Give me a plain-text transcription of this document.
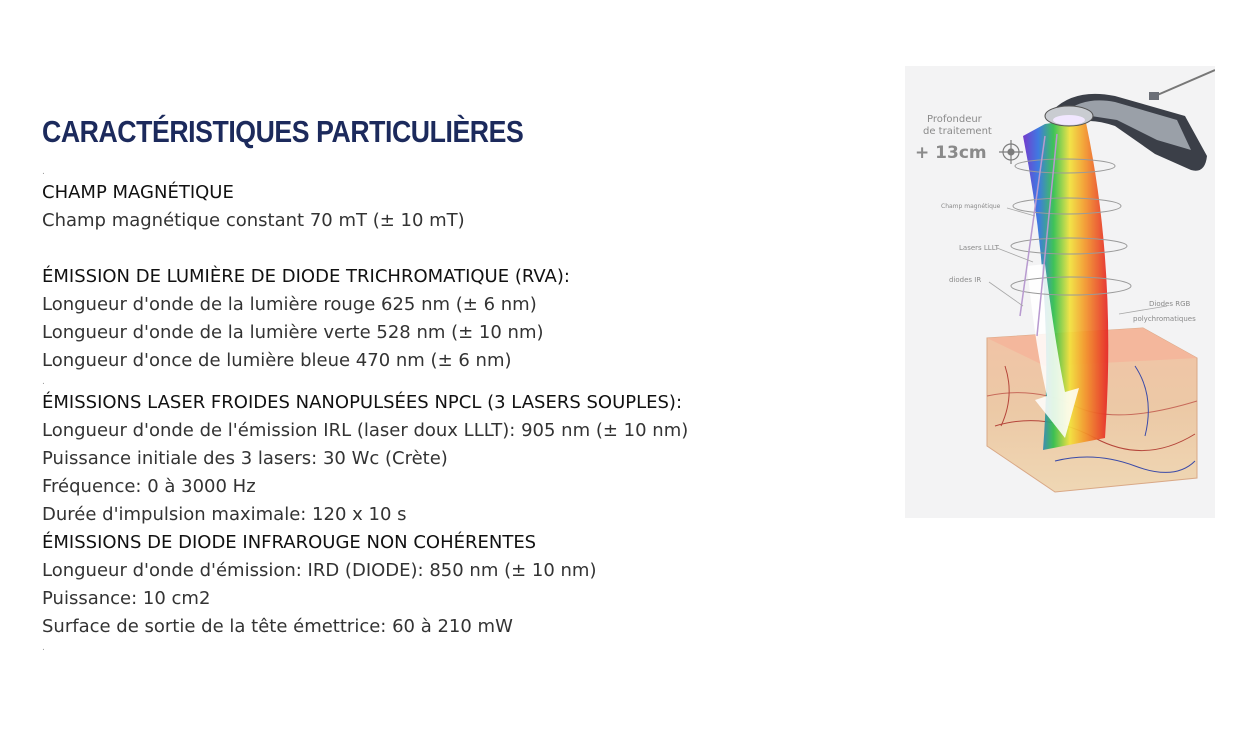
CARACTÉRISTIQUES PARTICULIÈRES
.
CHAMP MAGNÉTIQUE
Champ magnétique constant 70 mT (± 10 mT)
ÉMISSION DE LUMIÈRE DE DIODE TRICHROMATIQUE (RVA):
Longueur d'onde de la lumière rouge 625 nm (± 6 nm)
Longueur d'onde de la lumière verte 528 nm (± 10 nm)
Longueur d'once de lumière bleue 470 nm (± 6 nm)
.
ÉMISSIONS LASER FROIDES NANOPULSÉES NPCL (3 LASERS SOUPLES):
Longueur d'onde de l'émission IRL (laser doux LLLT): 905 nm (± 10 nm)
Puissance initiale des 3 lasers: 30 Wc (Crète)
Fréquence: 0 à 3000 Hz
Durée d'impulsion maximale: 120 x 10 s
ÉMISSIONS DE DIODE INFRAROUGE NON COHÉRENTES
Longueur d'onde d'émission: IRD (DIODE): 850 nm (± 10 nm)
Puissance: 10 cm2
Surface de sortie de la tête émettrice: 60 à 210 mW
.
Profondeur
de traitement
+ 13cm
Champ magnétique
Lasers LLLT
diodes IR
Diodes RGB
polychromatiques
